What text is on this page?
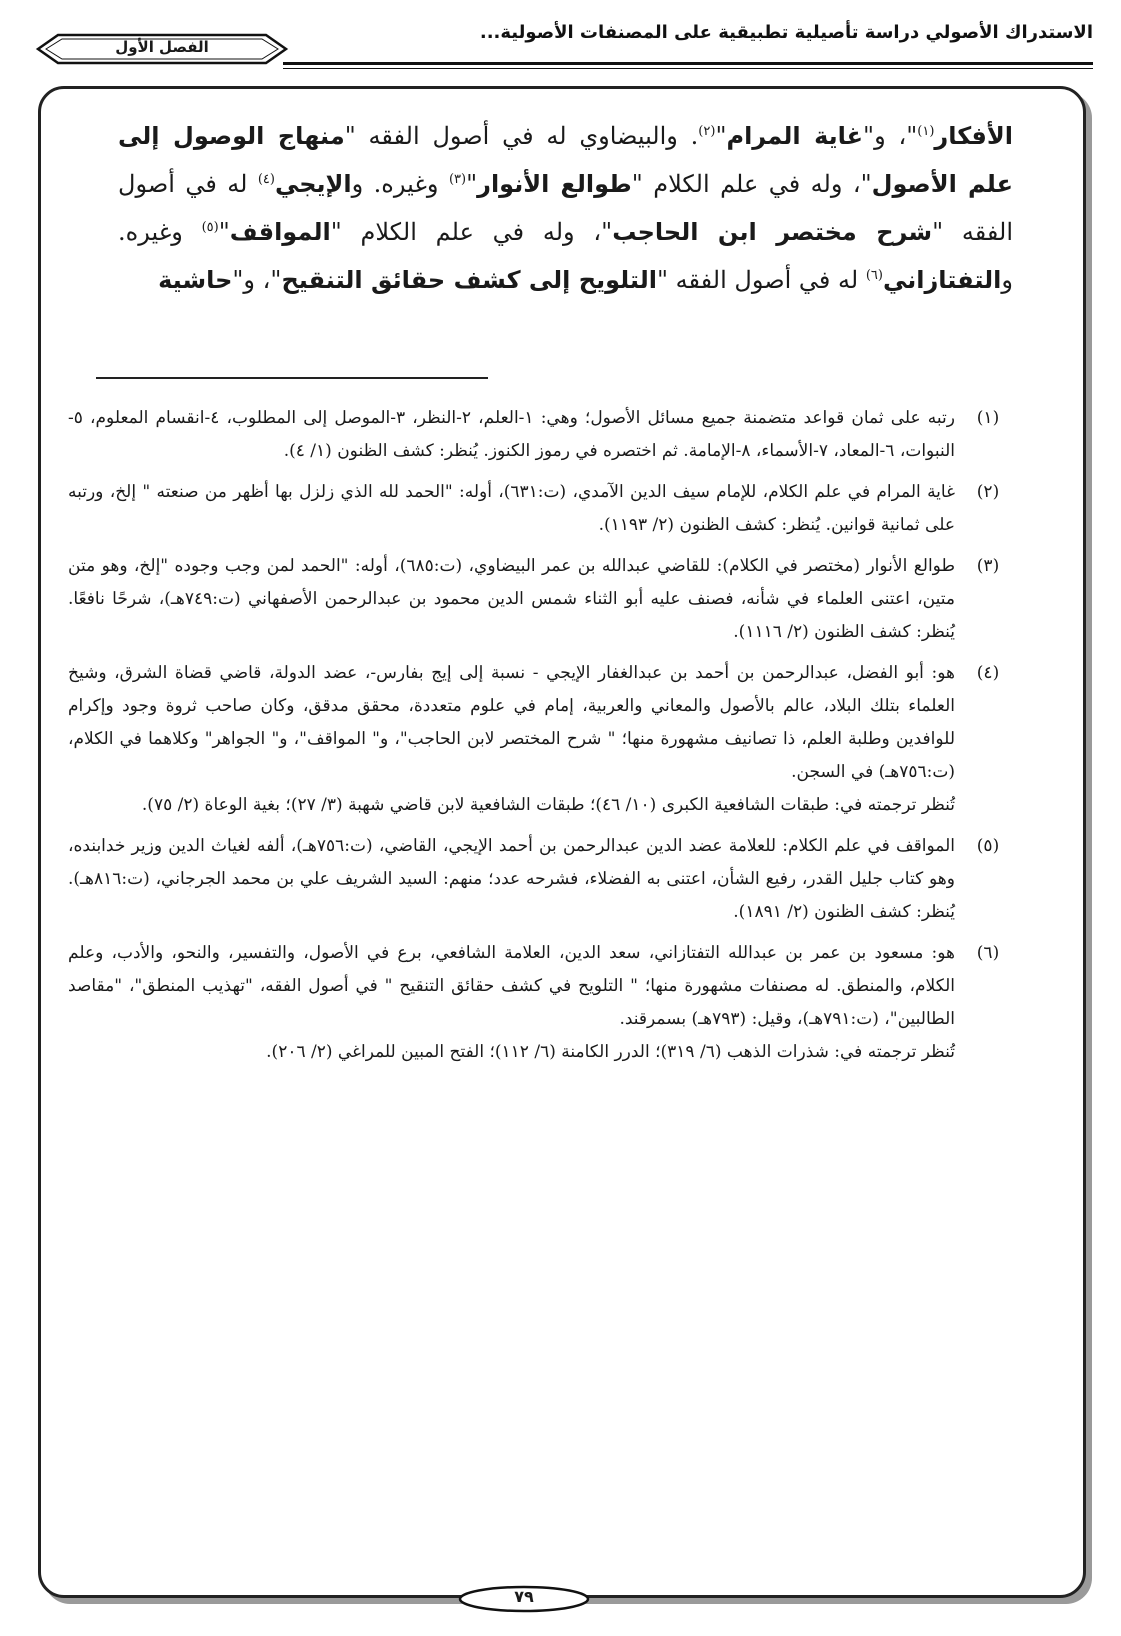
الاستدراك الأصولي دراسة تأصيلية تطبيقية على المصنفات الأصولية...
الفصل الأول

الأفكار$^{(١)}$"، و"غاية المرام"$^{(٢)}$. والبيضاوي له في أصول الفقه "منهاج الوصول إلى علم الأصول"، وله في علم الكلام "طوالع الأنوار"$^{(٣)}$ وغيره. والإيجي$^{(٤)}$ له في أصول الفقه "شرح مختصر ابن الحاجب"، وله في علم الكلام "المواقف"$^{(٥)}$ وغيره. والتفتازاني$^{(٦)}$ له في أصول الفقه "التلويح إلى كشف حقائق التنقيح"، و"حاشية

(١)

رتبه على ثمان قواعد متضمنة جميع مسائل الأصول؛ وهي: ١-العلم، ٢-النظر، ٣-الموصل إلى المطلوب، ٤-انقسام المعلوم، ٥-النبوات، ٦-المعاد، ٧-الأسماء، ٨-الإمامة. ثم اختصره في رموز الكنوز. يُنظر: كشف الظنون (١/ ٤).

(٢)

غاية المرام في علم الكلام، للإمام سيف الدين الآمدي، (ت:٦٣١)، أوله: "الحمد لله الذي زلزل بها أظهر من صنعته " إلخ، ورتبه على ثمانية قوانين. يُنظر: كشف الظنون (٢/ ١١٩٣).

(٣)

طوالع الأنوار (مختصر في الكلام): للقاضي عبدالله بن عمر البيضاوي، (ت:٦٨٥)، أوله: "الحمد لمن وجب وجوده "إلخ، وهو متن متين، اعتنى العلماء في شأنه، فصنف عليه أبو الثناء شمس الدين محمود بن عبدالرحمن الأصفهاني (ت:٧٤٩هـ)، شرحًا نافعًا. يُنظر: كشف الظنون (٢/ ١١١٦).

(٤)

هو: أبو الفضل، عبدالرحمن بن أحمد بن عبدالغفار الإيجي - نسبة إلى إيج بفارس-، عضد الدولة، قاضي قضاة الشرق، وشيخ العلماء بتلك البلاد، عالم بالأصول والمعاني والعربية، إمام في علوم متعددة، محقق مدقق، وكان صاحب ثروة وجود وإكرام للوافدين وطلبة العلم، ذا تصانيف مشهورة منها؛ " شرح المختصر لابن الحاجب"، و" المواقف"، و" الجواهر" وكلاهما في الكلام، (ت:٧٥٦هـ) في السجن.

تُنظر ترجمته في: طبقات الشافعية الكبرى (١٠/ ٤٦)؛ طبقات الشافعية لابن قاضي شهبة (٣/ ٢٧)؛ بغية الوعاة (٢/ ٧٥).

(٥)

المواقف في علم الكلام: للعلامة عضد الدين عبدالرحمن بن أحمد الإيجي، القاضي، (ت:٧٥٦هـ)، ألفه لغياث الدين وزير خدابنده، وهو كتاب جليل القدر، رفيع الشأن، اعتنى به الفضلاء، فشرحه عدد؛ منهم: السيد الشريف علي بن محمد الجرجاني، (ت:٨١٦هـ). يُنظر: كشف الظنون (٢/ ١٨٩١).

(٦)

هو: مسعود بن عمر بن عبدالله التفتازاني، سعد الدين، العلامة الشافعي، برع في الأصول، والتفسير، والنحو، والأدب، وعلم الكلام، والمنطق. له مصنفات مشهورة منها؛ " التلويح في كشف حقائق التنقيح " في أصول الفقه، "تهذيب المنطق"، "مقاصد الطالبين"، (ت:٧٩١هـ)، وقيل: (٧٩٣هـ) بسمرقند.

تُنظر ترجمته في: شذرات الذهب (٦/ ٣١٩)؛ الدرر الكامنة (٦/ ١١٢)؛ الفتح المبين للمراغي (٢/ ٢٠٦).

٧٩
